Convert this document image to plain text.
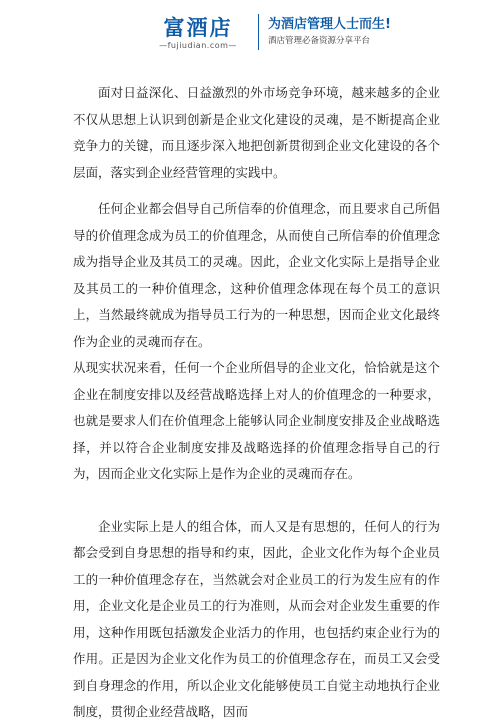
富酒店
—fujiudian.com—
为酒店管理人士而生!
酒店管理必备资源分享平台

面对日益深化、日益激烈的外市场竞争环境，越来越多的企业不仅从思想上认识到创新是企业文化建设的灵魂，是不断提高企业竞争力的关键，而且逐步深入地把创新贯彻到企业文化建设的各个层面，落实到企业经营管理的实践中。

任何企业都会倡导自己所信奉的价值理念，而且要求自己所倡导的价值理念成为员工的价值理念，从而使自己所信奉的价值理念成为指导企业及其员工的灵魂。因此，企业文化实际上是指导企业及其员工的一种价值理念，这种价值理念体现在每个员工的意识上，当然最终就成为指导员工行为的一种思想，因而企业文化最终作为企业的灵魂而存在。

从现实状况来看，任何一个企业所倡导的企业文化，恰恰就是这个企业在制度安排以及经营战略选择上对人的价值理念的一种要求，也就是要求人们在价值理念上能够认同企业制度安排及企业战略选择，并以符合企业制度安排及战略选择的价值理念指导自己的行为，因而企业文化实际上是作为企业的灵魂而存在。

企业实际上是人的组合体，而人又是有思想的，任何人的行为都会受到自身思想的指导和约束，因此，企业文化作为每个企业员工的一种价值理念存在，当然就会对企业员工的行为发生应有的作用，企业文化是企业员工的行为准则，从而会对企业发生重要的作用，这种作用既包括激发企业活力的作用，也包括约束企业行为的作用。正是因为企业文化作为员工的价值理念存在，而员工又会受到自身理念的作用，所以企业文化能够使员工自觉主动地执行企业制度，贯彻企业经营战略，因而
